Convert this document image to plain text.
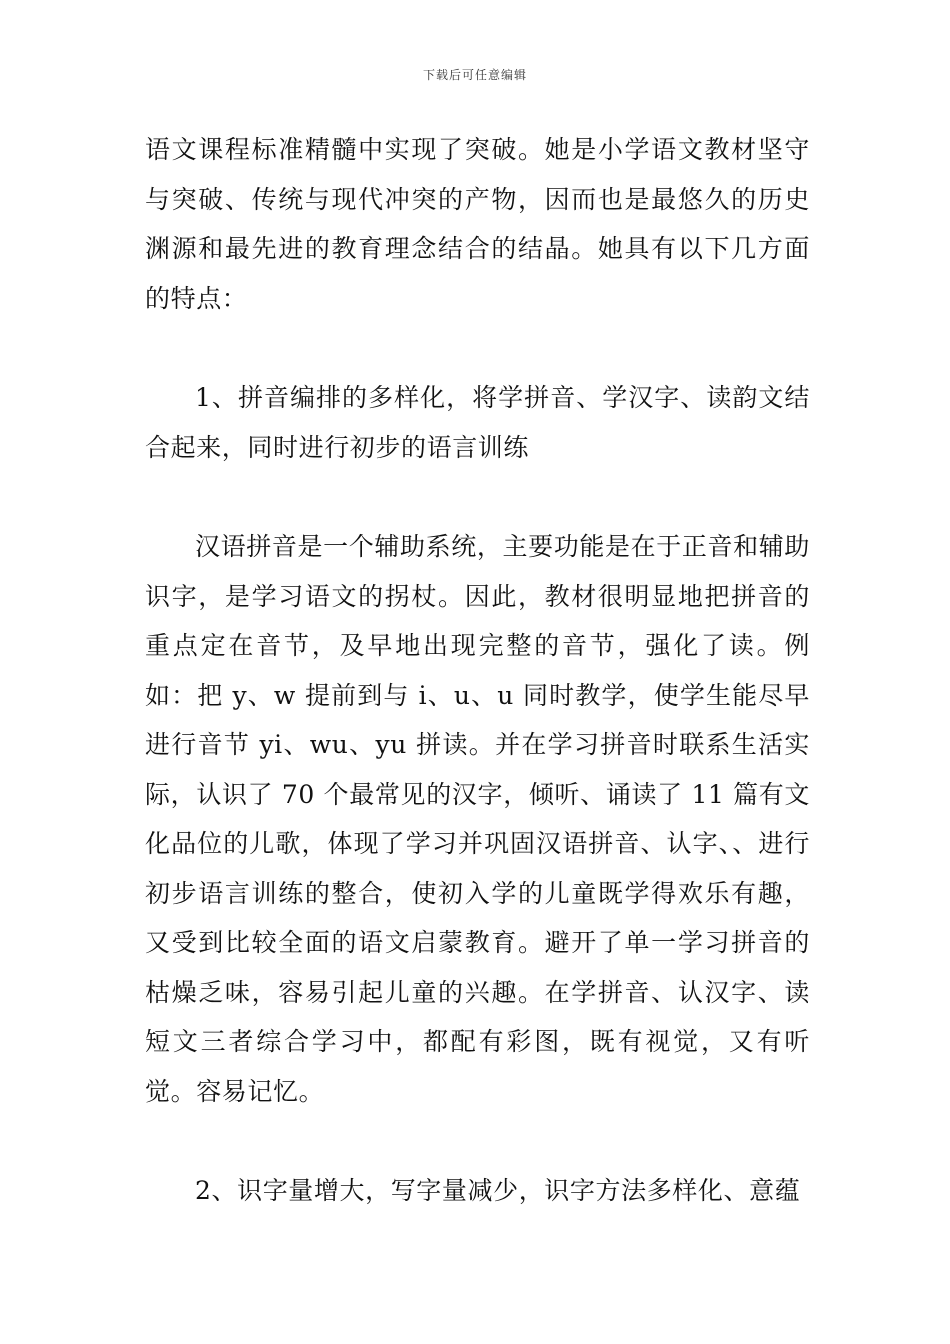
下载后可任意编辑

语文课程标准精髓中实现了突破。她是小学语文教材坚守与突破、传统与现代冲突的产物，因而也是最悠久的历史渊源和最先进的教育理念结合的结晶。她具有以下几方面的特点：

1、拼音编排的多样化，将学拼音、学汉字、读韵文结合起来，同时进行初步的语言训练

汉语拼音是一个辅助系统，主要功能是在于正音和辅助识字，是学习语文的拐杖。因此，教材很明显地把拼音的重点定在音节，及早地出现完整的音节，强化了读。例如：把 y、w 提前到与 i、u、u 同时教学，使学生能尽早进行音节 yi、wu、yu 拼读。并在学习拼音时联系生活实际，认识了 70 个最常见的汉字，倾听、诵读了 11 篇有文化品位的儿歌，体现了学习并巩固汉语拼音、认字、、进行初步语言训练的整合，使初入学的儿童既学得欢乐有趣，又受到比较全面的语文启蒙教育。避开了单一学习拼音的枯燥乏味，容易引起儿童的兴趣。在学拼音、认汉字、读短文三者综合学习中，都配有彩图，既有视觉，又有听觉。容易记忆。

2、识字量增大，写字量减少，识字方法多样化、意蕴
